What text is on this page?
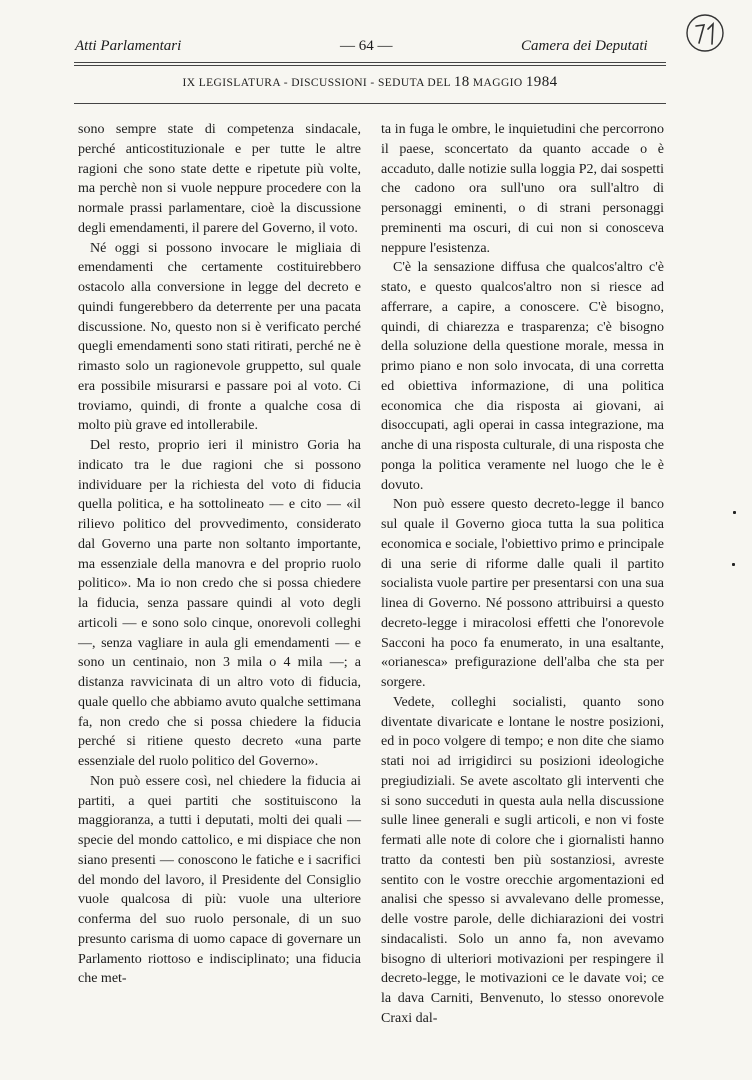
Atti Parlamentari	— 64 —	Camera dei Deputati
IX LEGISLATURA - DISCUSSIONI - SEDUTA DEL 18 MAGGIO 1984

sono sempre state di competenza sindacale, perché anticostituzionale e per tutte le altre ragioni che sono state dette e ripetute più volte, ma perchè non si vuole neppure procedere con la normale prassi parlamentare, cioè la discussione degli emendamenti, il parere del Governo, il voto.

Né oggi si possono invocare le migliaia di emendamenti che certamente costituirebbero ostacolo alla conversione in legge del decreto e quindi fungerebbero da deterrente per una pacata discussione. No, questo non si è verificato perché quegli emendamenti sono stati ritirati, perché ne è rimasto solo un ragionevole gruppetto, sul quale era possibile misurarsi e passare poi al voto. Ci troviamo, quindi, di fronte a qualche cosa di molto più grave ed intollerabile.

Del resto, proprio ieri il ministro Goria ha indicato tra le due ragioni che si possono individuare per la richiesta del voto di fiducia quella politica, e ha sottolineato — e cito — «il rilievo politico del provvedimento, considerato dal Governo una parte non soltanto importante, ma essenziale della manovra e del proprio ruolo politico». Ma io non credo che si possa chiedere la fiducia, senza passare quindi al voto degli articoli — e sono solo cinque, onorevoli colleghi —, senza vagliare in aula gli emendamenti — e sono un centinaio, non 3 mila o 4 mila —; a distanza ravvicinata di un altro voto di fiducia, quale quello che abbiamo avuto qualche settimana fa, non credo che si possa chiedere la fiducia perché si ritiene questo decreto «una parte essenziale del ruolo politico del Governo».

Non può essere così, nel chiedere la fiducia ai partiti, a quei partiti che sostituiscono la maggioranza, a tutti i deputati, molti dei quali — specie del mondo cattolico, e mi dispiace che non siano presenti — conoscono le fatiche e i sacrifici del mondo del lavoro, il Presidente del Consiglio vuole qualcosa di più: vuole una ulteriore conferma del suo ruolo personale, di un suo presunto carisma di uomo capace di governare un Parlamento riottoso e indisciplinato; una fiducia che met-

ta in fuga le ombre, le inquietudini che percorrono il paese, sconcertato da quanto accade o è accaduto, dalle notizie sulla loggia P2, dai sospetti che cadono ora sull'uno ora sull'altro di personaggi eminenti, o di strani personaggi preminenti ma oscuri, di cui non si conosceva neppure l'esistenza.

C'è la sensazione diffusa che qualcos'altro c'è stato, e questo qualcos'altro non si riesce ad afferrare, a capire, a conoscere. C'è bisogno, quindi, di chiarezza e trasparenza; c'è bisogno della soluzione della questione morale, messa in primo piano e non solo invocata, di una corretta ed obiettiva informazione, di una politica economica che dia risposta ai giovani, ai disoccupati, agli operai in cassa integrazione, ma anche di una risposta culturale, di una risposta che ponga la politica veramente nel luogo che le è dovuto.

Non può essere questo decreto-legge il banco sul quale il Governo gioca tutta la sua politica economica e sociale, l'obiettivo primo e principale di una serie di riforme dalle quali il partito socialista vuole partire per presentarsi con una sua linea di Governo. Né possono attribuirsi a questo decreto-legge i miracolosi effetti che l'onorevole Sacconi ha poco fa enumerato, in una esaltante, «orianesca» prefigurazione dell'alba che sta per sorgere.

Vedete, colleghi socialisti, quanto sono diventate divaricate e lontane le nostre posizioni, ed in poco volgere di tempo; e non dite che siamo stati noi ad irrigidirci su posizioni ideologiche pregiudiziali. Se avete ascoltato gli interventi che si sono succeduti in questa aula nella discussione sulle linee generali e sugli articoli, e non vi foste fermati alle note di colore che i giornalisti hanno tratto da contesti ben più sostanziosi, avreste sentito con le vostre orecchie argomentazioni ed analisi che spesso si avvalevano delle promesse, delle vostre parole, delle dichiarazioni dei vostri sindacalisti. Solo un anno fa, non avevamo bisogno di ulteriori motivazioni per respingere il decreto-legge, le motivazioni ce le davate voi; ce la dava Carniti, Benvenuto, lo stesso onorevole Craxi dal-
